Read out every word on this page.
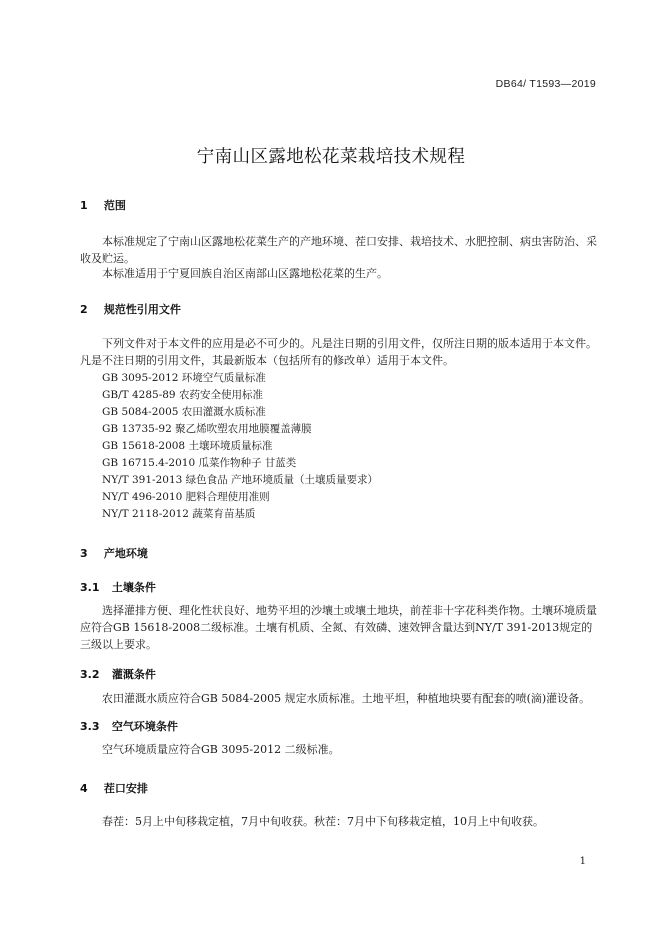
DB64/ T1593—2019
宁南山区露地松花菜栽培技术规程
1 范围

本标准规定了宁南山区露地松花菜生产的产地环境、茬口安排、栽培技术、水肥控制、病虫害防治、采收及贮运。

本标准适用于宁夏回族自治区南部山区露地松花菜的生产。

2 规范性引用文件

下列文件对于本文件的应用是必不可少的。凡是注日期的引用文件，仅所注日期的版本适用于本文件。凡是不注日期的引用文件，其最新版本（包括所有的修改单）适用于本文件。

GB 3095-2012 环境空气质量标准
GB/T 4285-89 农药安全使用标准
GB 5084-2005 农田灌溉水质标准
GB 13735-92 聚乙烯吹塑农用地膜覆盖薄膜
GB 15618-2008 土壤环境质量标准
GB 16715.4-2010 瓜菜作物种子 甘蓝类
NY/T 391-2013 绿色食品 产地环境质量（土壤质量要求）
NY/T 496-2010 肥料合理使用准则
NY/T 2118-2012 蔬菜育苗基质
3 产地环境
3.1 土壤条件

选择灌排方便、理化性状良好、地势平坦的沙壤土或壤土地块，前茬非十字花科类作物。土壤环境质量应符合GB 15618-2008二级标准。土壤有机质、全氮、有效磷、速效钾含量达到NY/T 391-2013规定的三级以上要求。

3.2 灌溉条件

农田灌溉水质应符合GB 5084-2005 规定水质标准。土地平坦，种植地块要有配套的喷(滴)灌设备。

3.3 空气环境条件

空气环境质量应符合GB 3095-2012 二级标准。

4 茬口安排

春茬：5月上中旬移栽定植，7月中旬收获。秋茬：7月中下旬移栽定植，10月上中旬收获。

1
